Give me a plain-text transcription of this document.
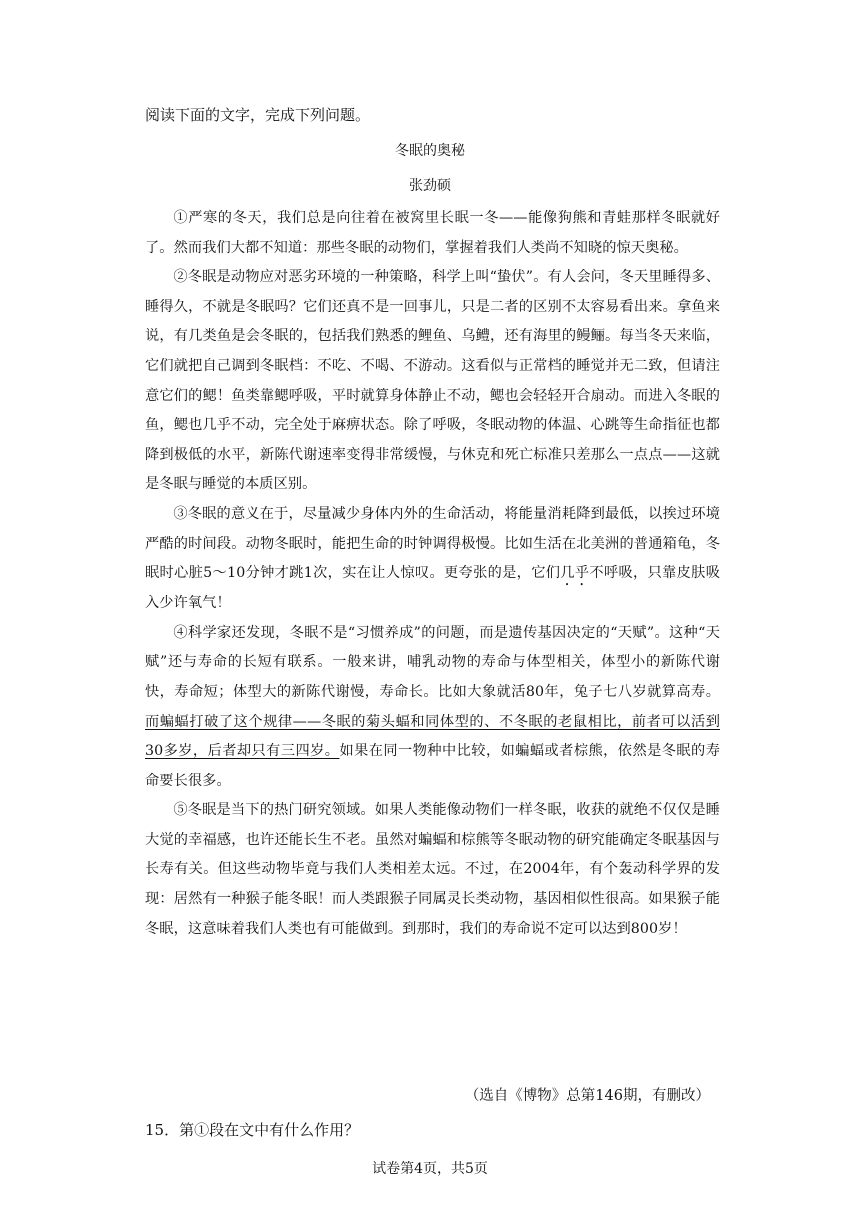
阅读下面的文字，完成下列问题。
冬眠的奥秘
张劲硕

①严寒的冬天，我们总是向往着在被窝里长眠一冬——能像狗熊和青蛙那样冬眠就好了。然而我们大都不知道：那些冬眠的动物们，掌握着我们人类尚不知晓的惊天奥秘。

②冬眠是动物应对恶劣环境的一种策略，科学上叫“蛰伏”。有人会问，冬天里睡得多、睡得久，不就是冬眠吗？它们还真不是一回事儿，只是二者的区别不太容易看出来。拿鱼来说，有几类鱼是会冬眠的，包括我们熟悉的鲤鱼、乌鳢，还有海里的鳗鲡。每当冬天来临，它们就把自己调到冬眠档：不吃、不喝、不游动。这看似与正常档的睡觉并无二致，但请注意它们的鳃！鱼类靠鳃呼吸，平时就算身体静止不动，鳃也会轻轻开合扇动。而进入冬眠的鱼，鳃也几乎不动，完全处于麻痹状态。除了呼吸，冬眠动物的体温、心跳等生命指征也都降到极低的水平，新陈代谢速率变得非常缓慢，与休克和死亡标准只差那么一点点——这就是冬眠与睡觉的本质区别。

③冬眠的意义在于，尽量减少身体内外的生命活动，将能量消耗降到最低，以挨过环境严酷的时间段。动物冬眠时，能把生命的时钟调得极慢。比如生活在北美洲的普通箱龟，冬眠时心脏5～10分钟才跳1次，实在让人惊叹。更夸张的是，它们几乎不呼吸，只靠皮肤吸入少许氧气！

④科学家还发现，冬眠不是“习惯养成”的问题，而是遗传基因决定的“天赋”。这种“天赋”还与寿命的长短有联系。一般来讲，哺乳动物的寿命与体型相关，体型小的新陈代谢快，寿命短；体型大的新陈代谢慢，寿命长。比如大象就活80年，兔子七八岁就算高寿。而蝙蝠打破了这个规律——冬眠的菊头蝠和同体型的、不冬眠的老鼠相比，前者可以活到30多岁，后者却只有三四岁。如果在同一物种中比较，如蝙蝠或者棕熊，依然是冬眠的寿命要长很多。

⑤冬眠是当下的热门研究领域。如果人类能像动物们一样冬眠，收获的就绝不仅仅是睡大觉的幸福感，也许还能长生不老。虽然对蝙蝠和棕熊等冬眠动物的研究能确定冬眠基因与长寿有关。但这些动物毕竟与我们人类相差太远。不过，在2004年，有个轰动科学界的发现：居然有一种猴子能冬眠！而人类跟猴子同属灵长类动物，基因相似性很高。如果猴子能冬眠，这意味着我们人类也有可能做到。到那时，我们的寿命说不定可以达到800岁！

（选自《博物》总第146期，有删改）
15．第①段在文中有什么作用？
试卷第4页，共5页
